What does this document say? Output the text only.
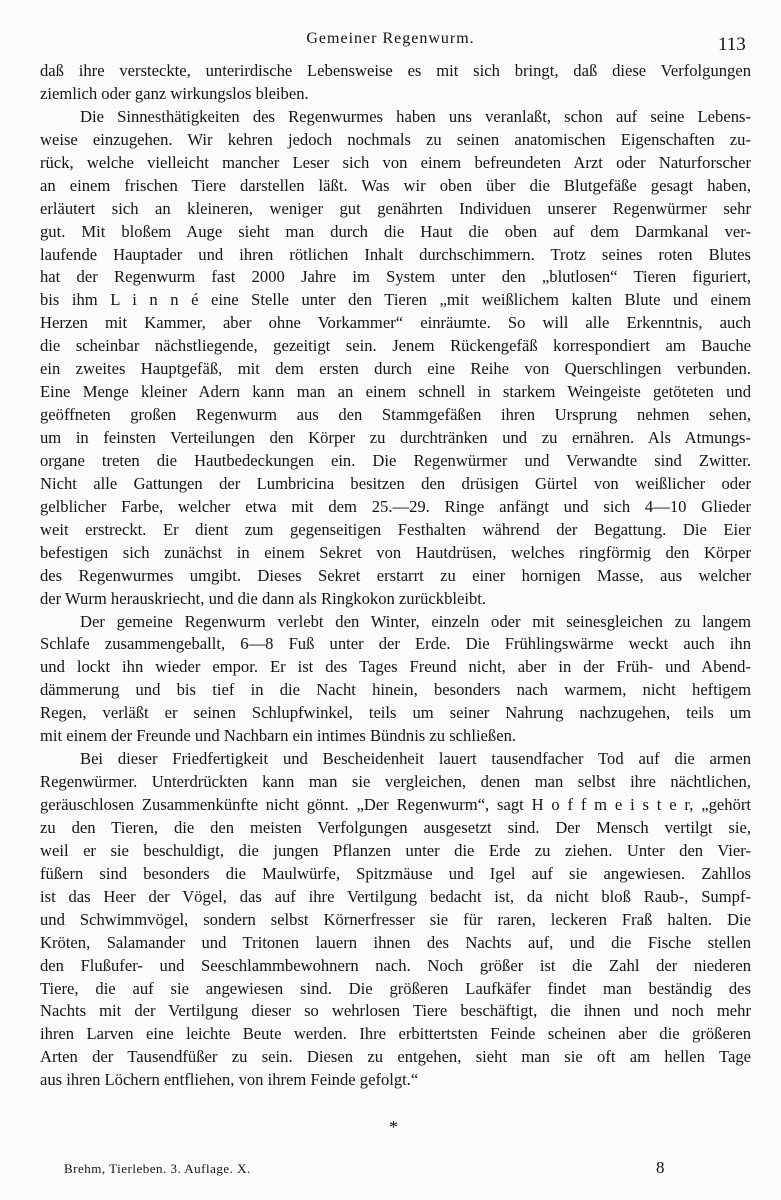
Gemeiner Regenwurm.	113
daß ihre versteckte, unterirdische Lebensweise es mit sich bringt, daß diese Verfolgungen
ziemlich oder ganz wirkungslos bleiben.
Die Sinnesthätigkeiten des Regenwurmes haben uns veranlaßt, schon auf seine Lebens-
weise einzugehen. Wir kehren jedoch nochmals zu seinen anatomischen Eigenschaften zu-
rück, welche vielleicht mancher Leser sich von einem befreundeten Arzt oder Naturforscher
an einem frischen Tiere darstellen läßt. Was wir oben über die Blutgefäße gesagt haben,
erläutert sich an kleineren, weniger gut genährten Individuen unserer Regenwürmer sehr
gut. Mit bloßem Auge sieht man durch die Haut die oben auf dem Darmkanal ver-
laufende Hauptader und ihren rötlichen Inhalt durchschimmern. Trotz seines roten Blutes
hat der Regenwurm fast 2000 Jahre im System unter den „blutlosen“ Tieren figuriert,
bis ihm L i n n é eine Stelle unter den Tieren „mit weißlichem kalten Blute und einem
Herzen mit Kammer, aber ohne Vorkammer“ einräumte. So will alle Erkenntnis, auch
die scheinbar nächstliegende, gezeitigt sein. Jenem Rückengefäß korrespondiert am Bauche
ein zweites Hauptgefäß, mit dem ersten durch eine Reihe von Querschlingen verbunden.
Eine Menge kleiner Adern kann man an einem schnell in starkem Weingeiste getöteten und
geöffneten großen Regenwurm aus den Stammgefäßen ihren Ursprung nehmen sehen,
um in feinsten Verteilungen den Körper zu durchtränken und zu ernähren. Als Atmungs-
organe treten die Hautbedeckungen ein. Die Regenwürmer und Verwandte sind Zwitter.
Nicht alle Gattungen der Lumbricina besitzen den drüsigen Gürtel von weißlicher oder
gelblicher Farbe, welcher etwa mit dem 25.—29. Ringe anfängt und sich 4—10 Glieder
weit erstreckt. Er dient zum gegenseitigen Festhalten während der Begattung. Die Eier
befestigen sich zunächst in einem Sekret von Hautdrüsen, welches ringförmig den Körper
des Regenwurmes umgibt. Dieses Sekret erstarrt zu einer hornigen Masse, aus welcher
der Wurm herauskriecht, und die dann als Ringkokon zurückbleibt.
Der gemeine Regenwurm verlebt den Winter, einzeln oder mit seinesgleichen zu langem
Schlafe zusammengeballt, 6—8 Fuß unter der Erde. Die Frühlingswärme weckt auch ihn
und lockt ihn wieder empor. Er ist des Tages Freund nicht, aber in der Früh- und Abend-
dämmerung und bis tief in die Nacht hinein, besonders nach warmem, nicht heftigem
Regen, verläßt er seinen Schlupfwinkel, teils um seiner Nahrung nachzugehen, teils um
mit einem der Freunde und Nachbarn ein intimes Bündnis zu schließen.
Bei dieser Friedfertigkeit und Bescheidenheit lauert tausendfacher Tod auf die armen
Regenwürmer. Unterdrückten kann man sie vergleichen, denen man selbst ihre nächtlichen,
geräuschlosen Zusammenkünfte nicht gönnt. „Der Regenwurm“, sagt H o f f m e i s t e r, „gehört
zu den Tieren, die den meisten Verfolgungen ausgesetzt sind. Der Mensch vertilgt sie,
weil er sie beschuldigt, die jungen Pflanzen unter die Erde zu ziehen. Unter den Vier-
füßern sind besonders die Maulwürfe, Spitzmäuse und Igel auf sie angewiesen. Zahllos
ist das Heer der Vögel, das auf ihre Vertilgung bedacht ist, da nicht bloß Raub-, Sumpf-
und Schwimmvögel, sondern selbst Körnerfresser sie für raren, leckeren Fraß halten. Die
Kröten, Salamander und Tritonen lauern ihnen des Nachts auf, und die Fische stellen
den Flußufer- und Seeschlammbewohnern nach. Noch größer ist die Zahl der niederen
Tiere, die auf sie angewiesen sind. Die größeren Laufkäfer findet man beständig des
Nachts mit der Vertilgung dieser so wehrlosen Tiere beschäftigt, die ihnen und noch mehr
ihren Larven eine leichte Beute werden. Ihre erbittertsten Feinde scheinen aber die größeren
Arten der Tausendfüßer zu sein. Diesen zu entgehen, sieht man sie oft am hellen Tage
aus ihren Löchern entfliehen, von ihrem Feinde gefolgt.“
*
Brehm, Tierleben. 3. Auflage. X.	8
